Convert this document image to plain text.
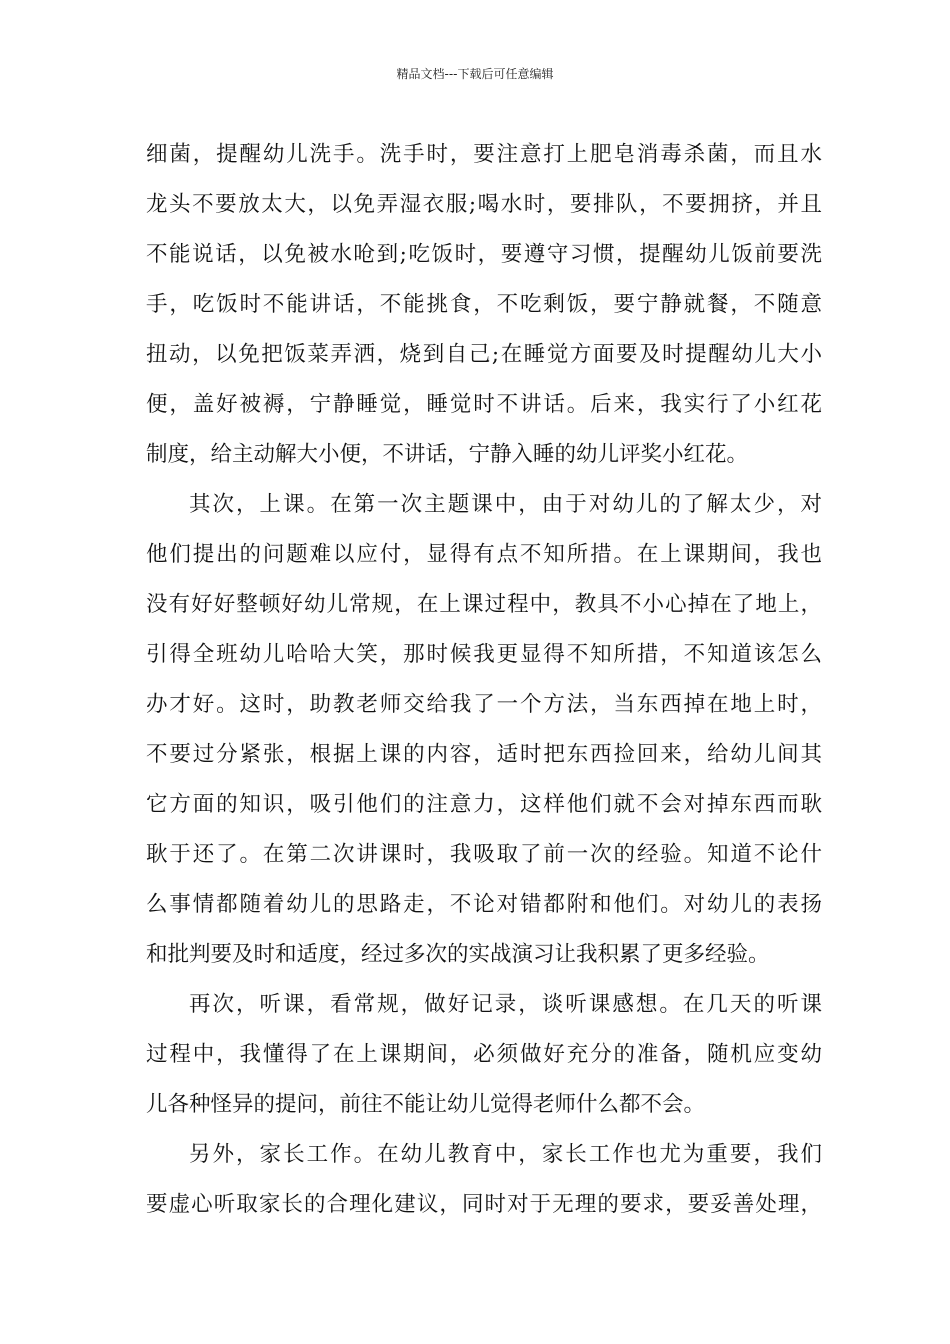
精品文档---下载后可任意编辑
细菌，提醒幼儿洗手。洗手时，要注意打上肥皂消毒杀菌，而且水
龙头不要放太大，以免弄湿衣服;喝水时，要排队，不要拥挤，并且
不能说话，以免被水呛到;吃饭时，要遵守习惯，提醒幼儿饭前要洗
手，吃饭时不能讲话，不能挑食，不吃剩饭，要宁静就餐，不随意
扭动，以免把饭菜弄洒，烧到自己;在睡觉方面要及时提醒幼儿大小
便，盖好被褥，宁静睡觉，睡觉时不讲话。后来，我实行了小红花
制度，给主动解大小便，不讲话，宁静入睡的幼儿评奖小红花。
其次，上课。在第一次主题课中，由于对幼儿的了解太少，对
他们提出的问题难以应付，显得有点不知所措。在上课期间，我也
没有好好整顿好幼儿常规，在上课过程中，教具不小心掉在了地上，
引得全班幼儿哈哈大笑，那时候我更显得不知所措，不知道该怎么
办才好。这时，助教老师交给我了一个方法，当东西掉在地上时，
不要过分紧张，根据上课的内容，适时把东西捡回来，给幼儿间其
它方面的知识，吸引他们的注意力，这样他们就不会对掉东西而耿
耿于还了。在第二次讲课时，我吸取了前一次的经验。知道不论什
么事情都随着幼儿的思路走，不论对错都附和他们。对幼儿的表扬
和批判要及时和适度，经过多次的实战演习让我积累了更多经验。
再次，听课，看常规，做好记录，谈听课感想。在几天的听课
过程中，我懂得了在上课期间，必须做好充分的准备，随机应变幼
儿各种怪异的提问，前往不能让幼儿觉得老师什么都不会。
另外，家长工作。在幼儿教育中，家长工作也尤为重要，我们
要虚心听取家长的合理化建议，同时对于无理的要求，要妥善处理，
